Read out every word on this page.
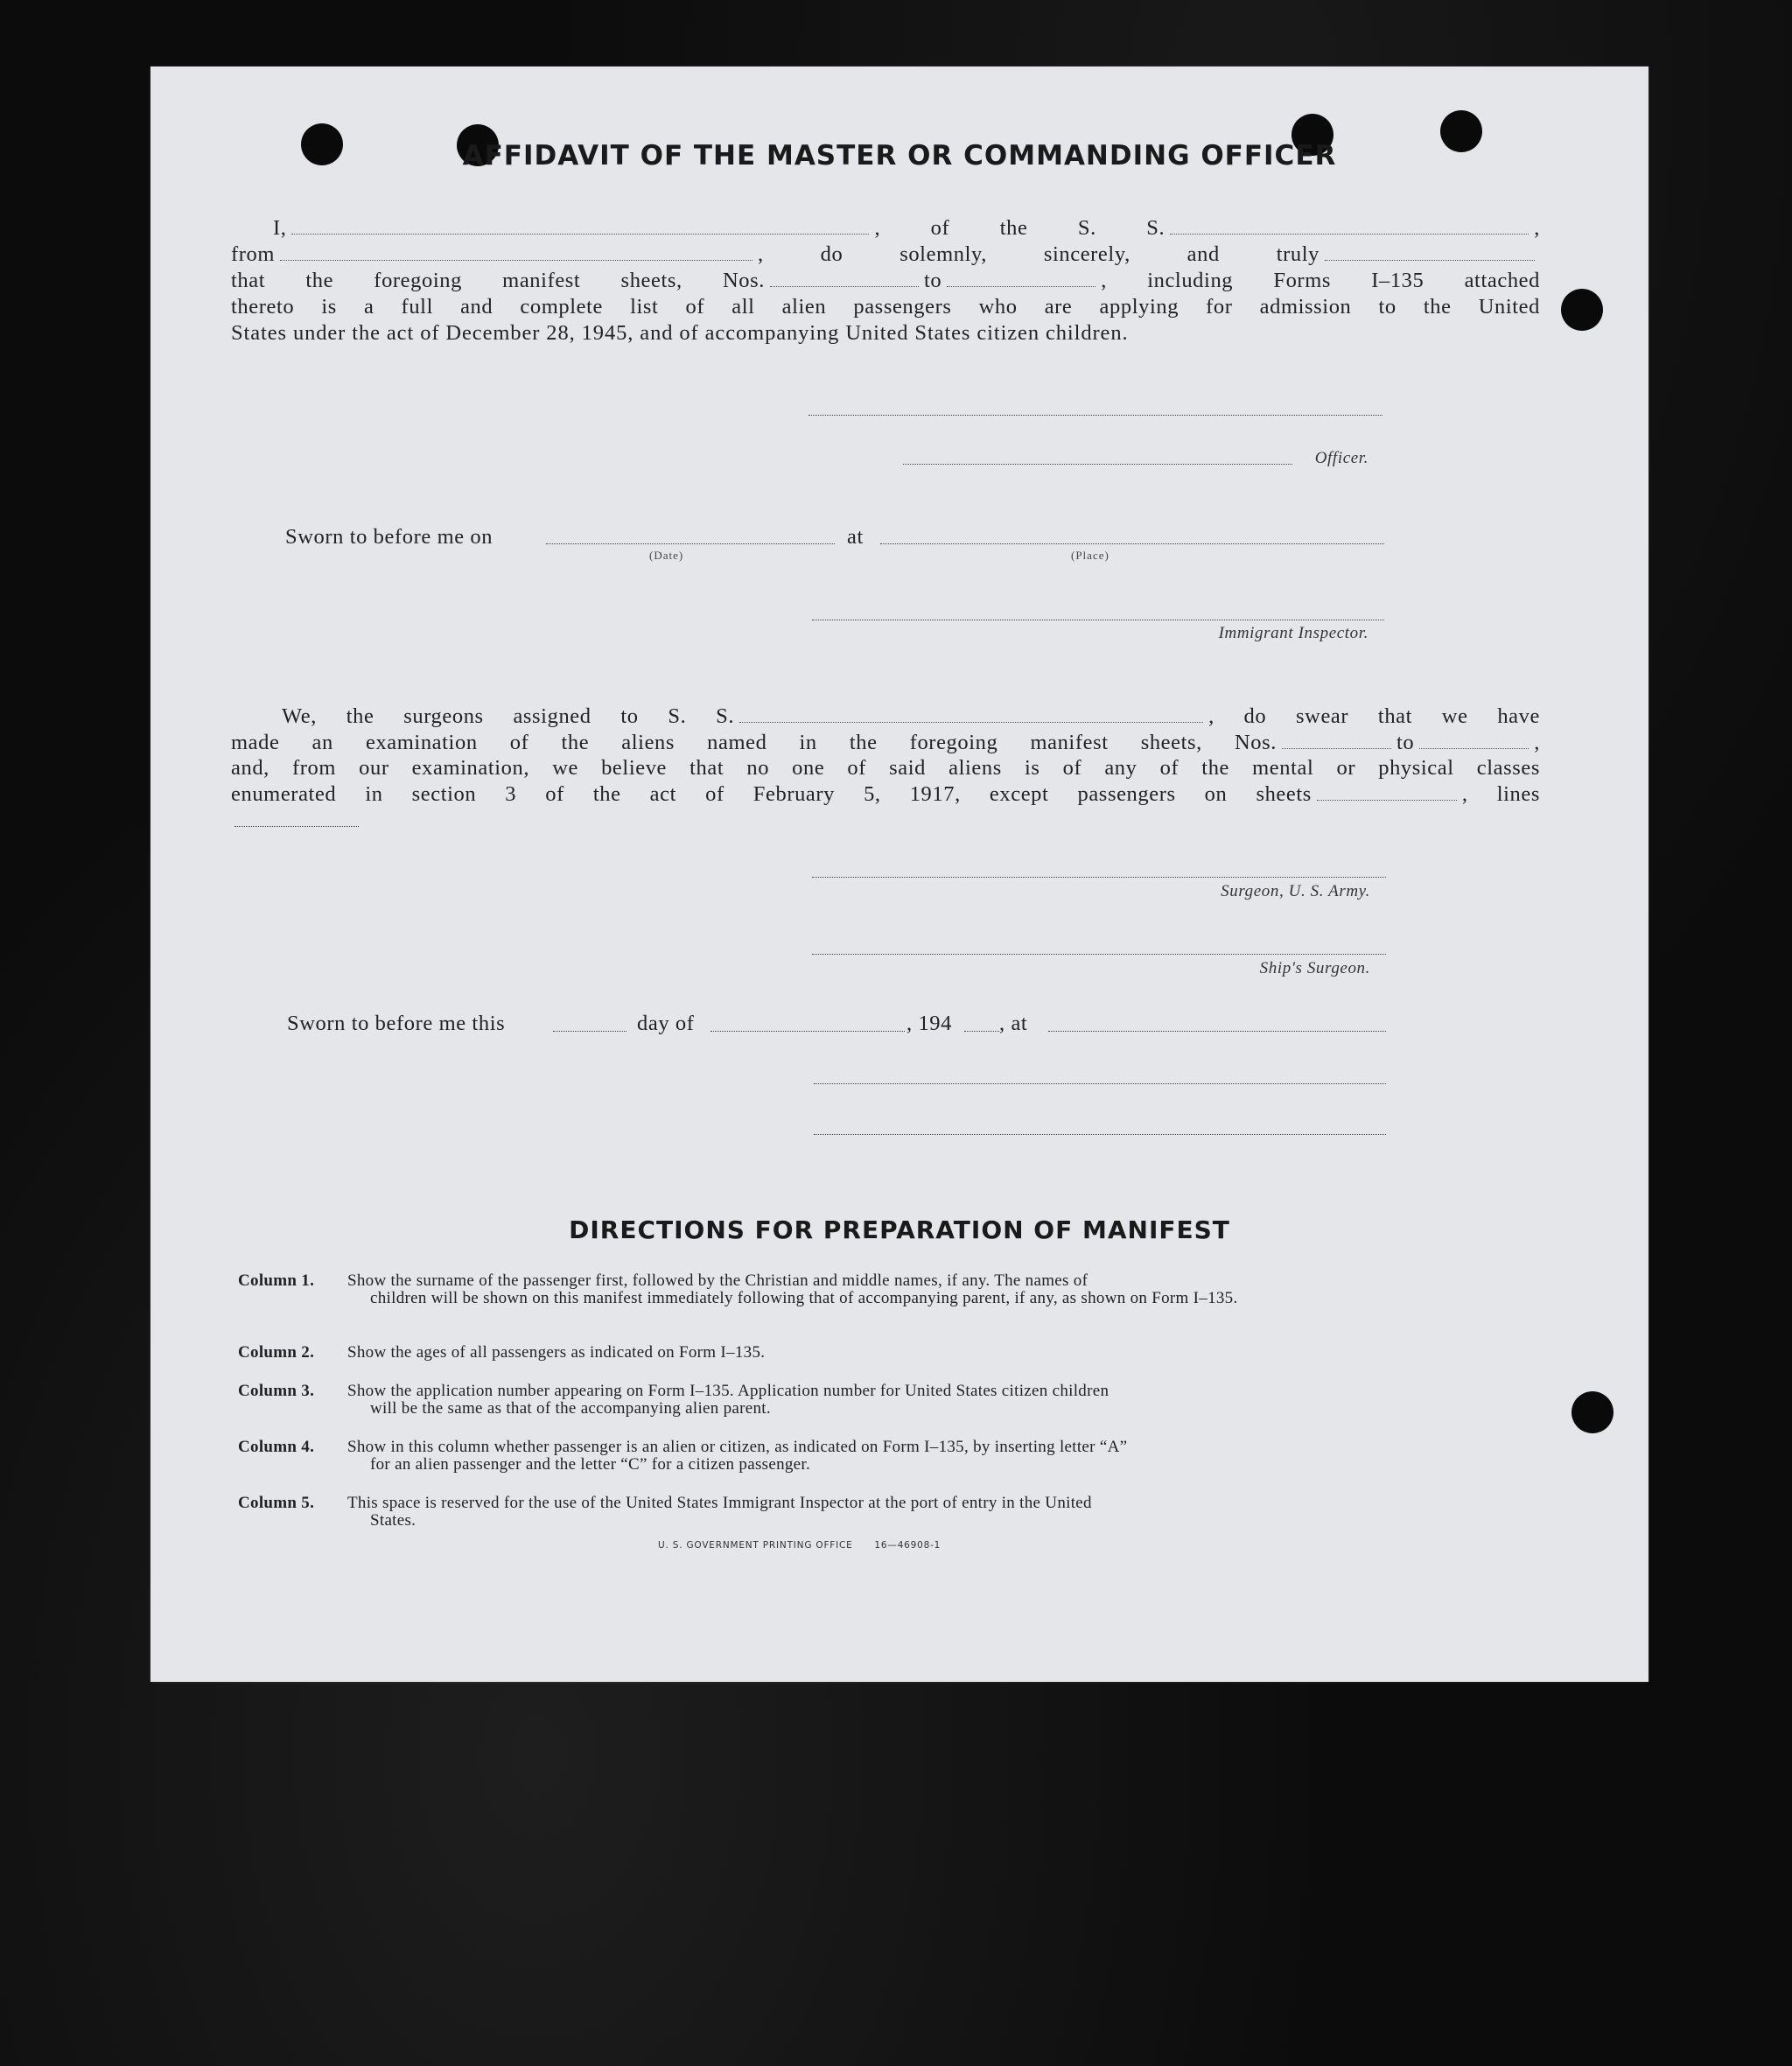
AFFIDAVIT OF THE MASTER OR COMMANDING OFFICER

I,	, of the S. S.	,

from	, do solemnly, sincerely, and truly

that the foregoing manifest sheets, Nos.	to	, including Forms I–135 attached

thereto is a full and complete list of all alien passengers who are applying for admission to the United

States under the act of December 28, 1945, and of accompanying United States citizen children.

Officer.
Sworn to before me on	at
(Date)	(Place)
Immigrant Inspector.

We, the surgeons assigned to S. S.	, do swear that we have

made an examination of the aliens named in the foregoing manifest sheets, Nos.	to	,

and, from our examination, we believe that no one of said aliens is of any of the mental or physical classes

enumerated in section 3 of the act of February 5, 1917, except passengers on sheets	, lines

Surgeon, U. S. Army.
Ship's Surgeon.
Sworn to before me this	day of	, 194 , at
DIRECTIONS FOR PREPARATION OF MANIFEST
Column 1.	Show the surname of the passenger first, followed by the Christian and middle names, if any. The names of
children will be shown on this manifest immediately following that of accompanying parent, if any, as shown on Form I–135.
Column 2.	Show the ages of all passengers as indicated on Form I–135.
Column 3.	Show the application number appearing on Form I–135. Application number for United States citizen children
will be the same as that of the accompanying alien parent.
Column 4.	Show in this column whether passenger is an alien or citizen, as indicated on Form I–135, by inserting letter “A”
for an alien passenger and the letter “C” for a citizen passenger.
Column 5.	This space is reserved for the use of the United States Immigrant Inspector at the port of entry in the United
States.
U. S. GOVERNMENT PRINTING OFFICE      16—46908-1
